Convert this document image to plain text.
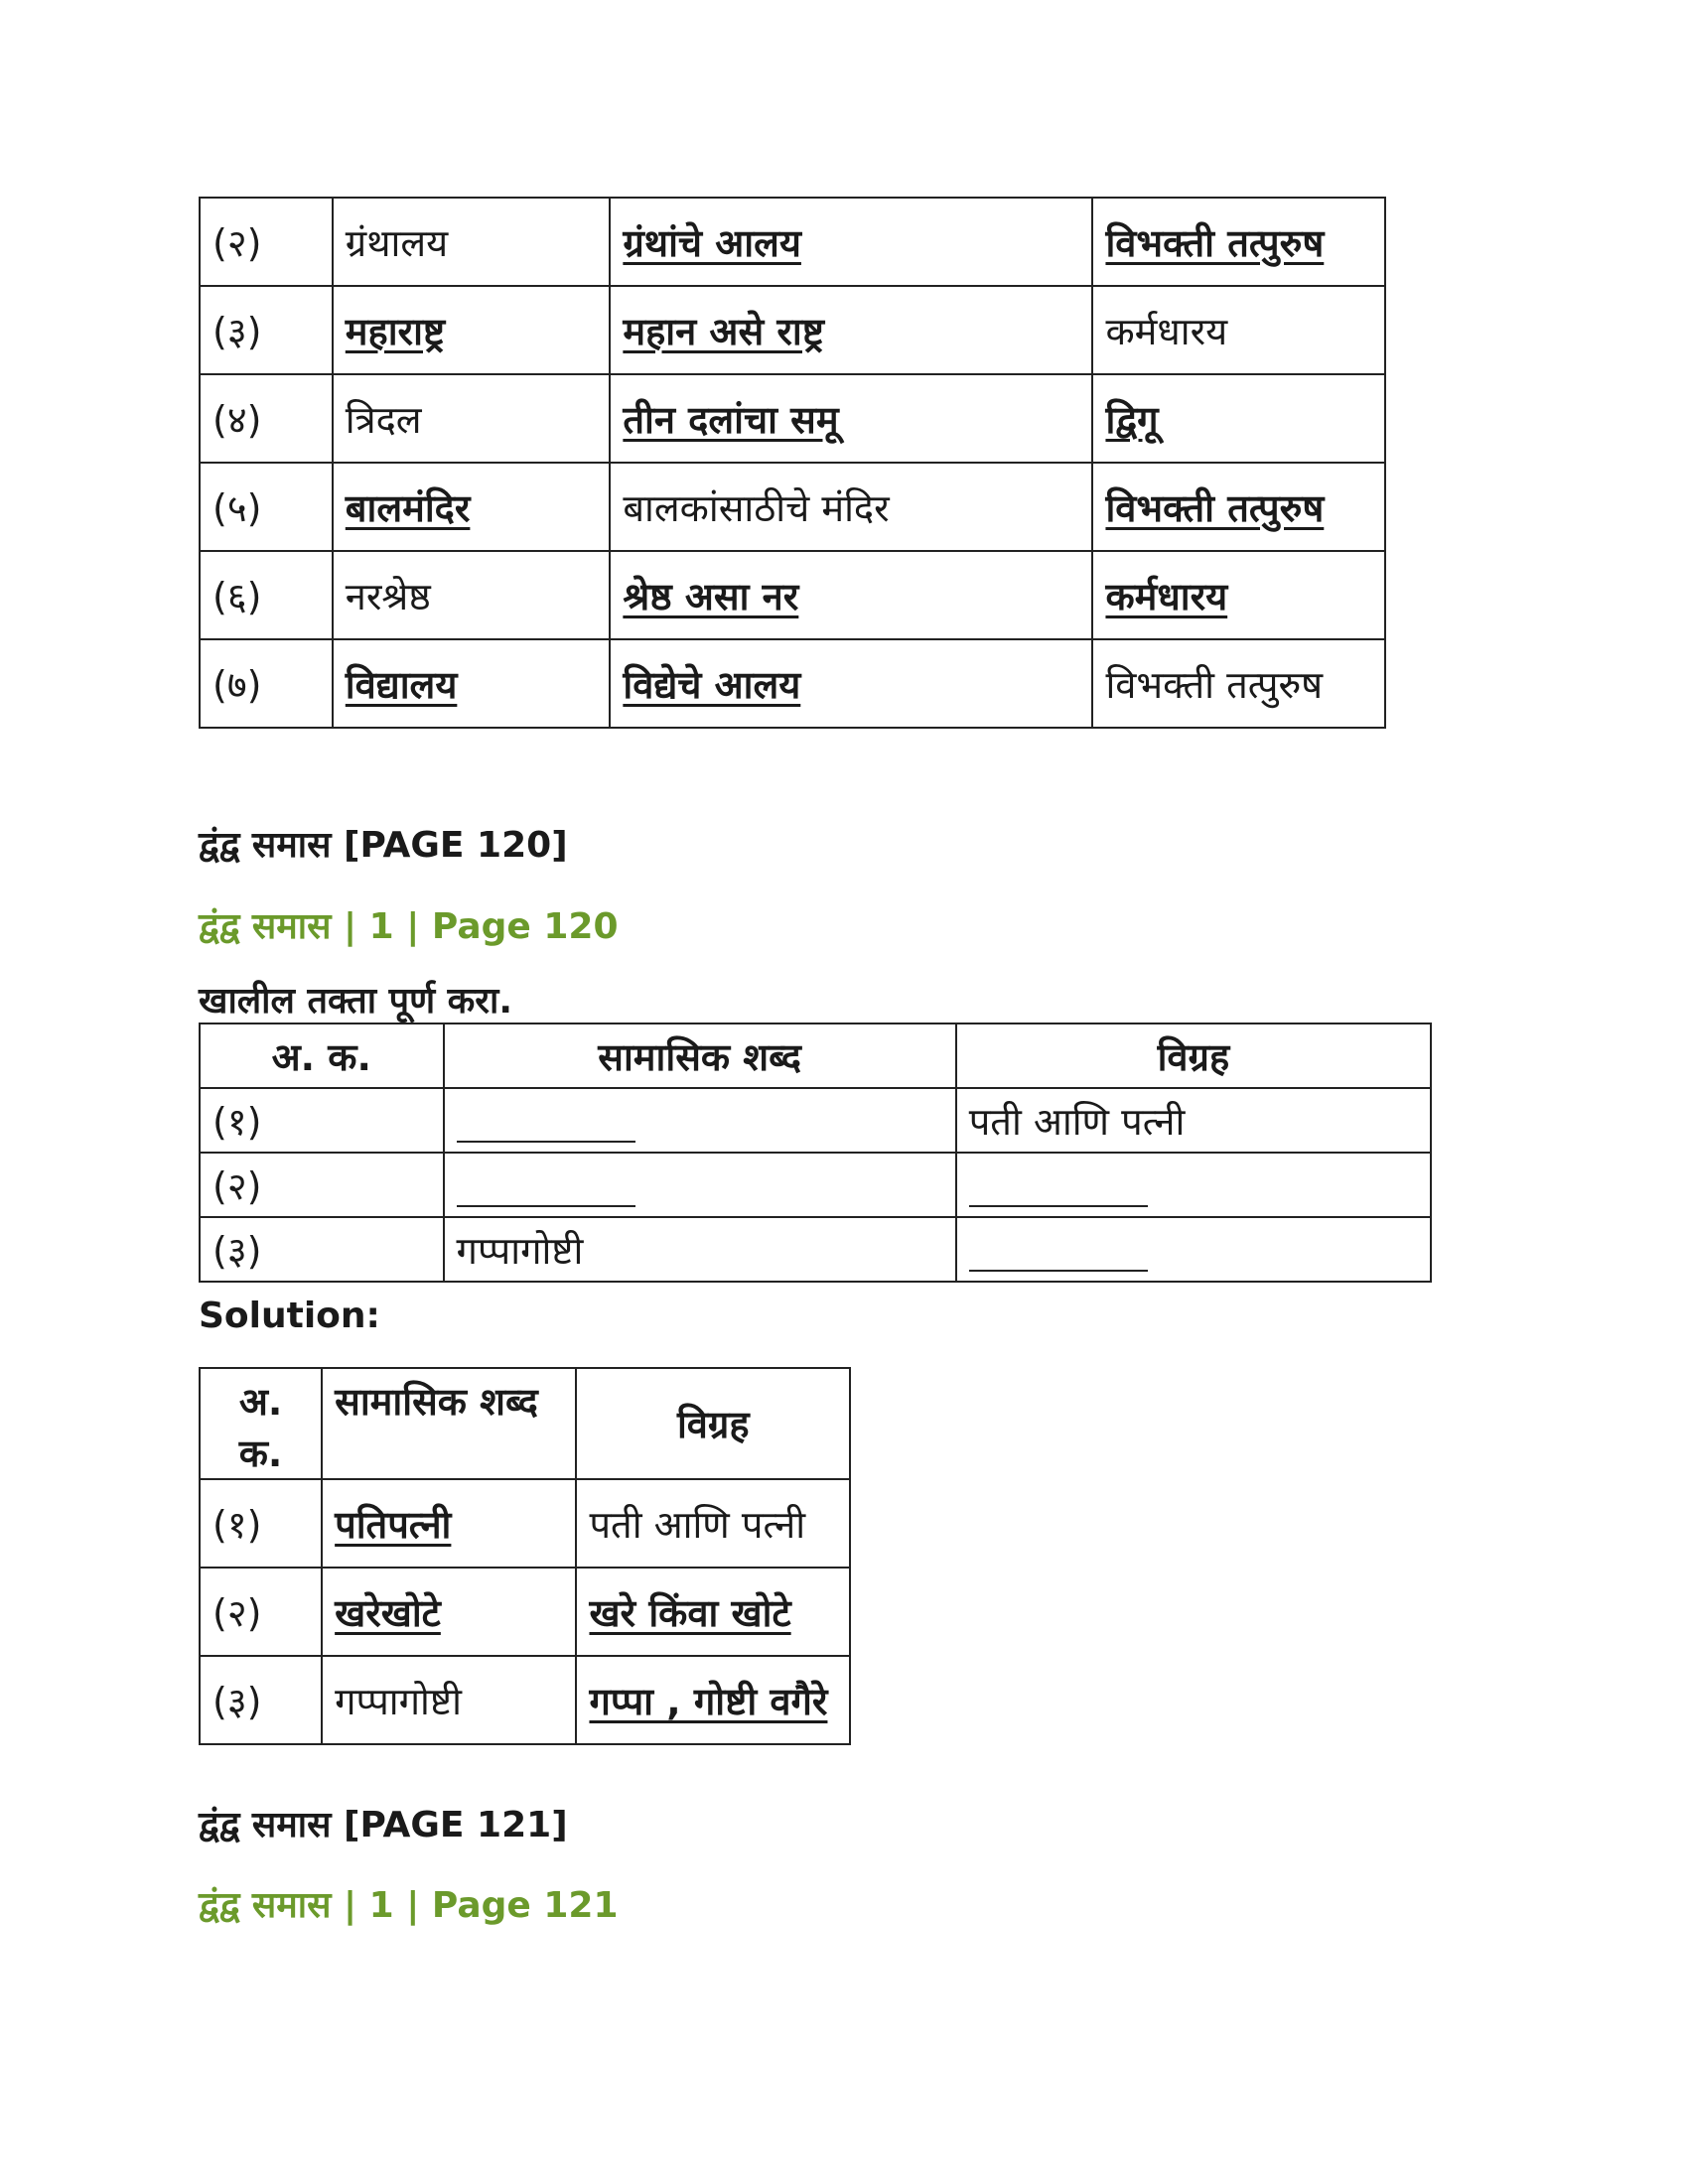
(२)	ग्रंथालय	ग्रंथांचे आलय	विभक्ती तत्पुरुष
(३)	महाराष्ट्र	महान असे राष्ट्र	कर्मधारय
(४)	त्रिदल	तीन दलांचा समू	द्विगू
(५)	बालमंदिर	बालकांसाठीचे मंदिर	विभक्ती तत्पुरुष
(६)	नरश्रेष्ठ	श्रेष्ठ असा नर	कर्मधारय
(७)	विद्यालय	विद्येचे आलय	विभक्ती तत्पुरुष
द्वंद्व समास [PAGE 120]
द्वंद्व समास | 1 | Page 120
खालील तक्ता पूर्ण करा.
अ. क.	सामासिक शब्द	विग्रह
(१)		पती आणि पत्नी
(२)		
(३)	गप्पागोष्टी	
Solution:
अ. क.	सामासिक शब्द	विग्रह
(१)	पतिपत्नी	पती आणि पत्नी
(२)	खरेखोटे	खरे किंवा खोटे
(३)	गप्पागोष्टी	गप्पा , गोष्टी वगैरे
द्वंद्व समास [PAGE 121]
द्वंद्व समास | 1 | Page 121
